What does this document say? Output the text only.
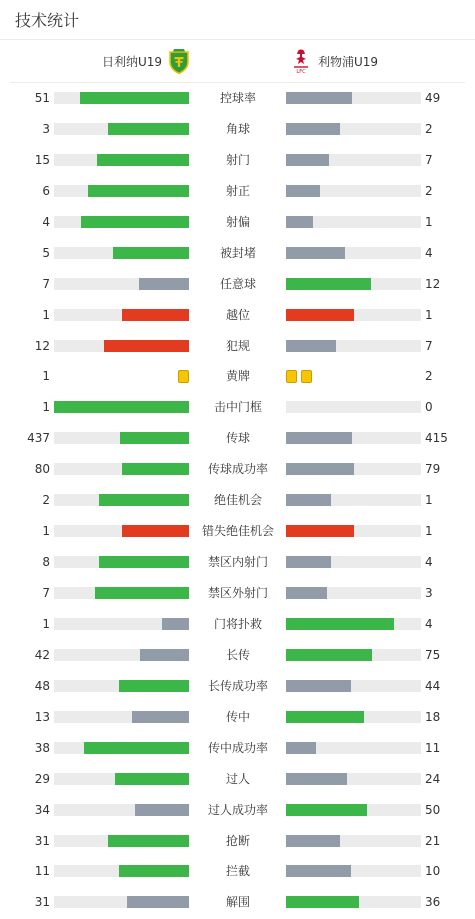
技术统计
日利纳U19
LFC
利物浦U19
51	控球率	49
3	角球	2
15	射门	7
6	射正	2
4	射偏	1
5	被封堵	4
7	任意球	12
1	越位	1
12	犯规	7
1	黄牌	2
1	击中门框	0
437	传球	415
80	传球成功率	79
2	绝佳机会	1
1	错失绝佳机会	1
8	禁区内射门	4
7	禁区外射门	3
1	门将扑救	4
42	长传	75
48	长传成功率	44
13	传中	18
38	传中成功率	11
29	过人	24
34	过人成功率	50
31	抢断	21
11	拦截	10
31	解围	36
